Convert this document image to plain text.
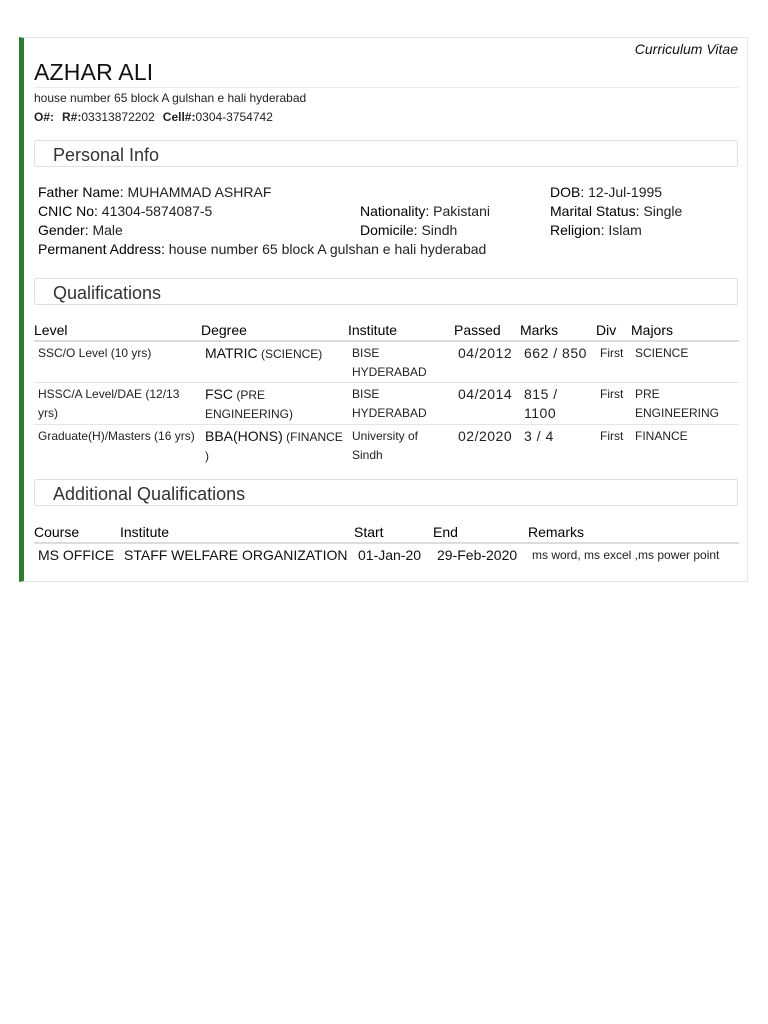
Curriculum Vitae
AZHAR ALI
house number 65 block A gulshan e hali hyderabad
O#: R#:03313872202 Cell#:0304-3754742
Personal Info
Father Name: MUHAMMAD ASHRAF	DOB: 12-Jul-1995
CNIC No: 41304-5874087-5	Nationality: Pakistani	Marital Status: Single
Gender: Male	Domicile: Sindh	Religion: Islam
Permanent Address: house number 65 block A gulshan e hali hyderabad
Qualifications
Level	Degree	Institute	Passed	Marks	Div	Majors
SSC/O Level (10 yrs)	MATRIC (SCIENCE)	BISE HYDERABAD	04/2012	662 / 850	First	SCIENCE
HSSC/A Level/DAE (12/13 yrs)	FSC (PRE ENGINEERING)	BISE HYDERABAD	04/2014	815 / 1100	First	PRE ENGINEERING
Graduate(H)/Masters (16 yrs)	BBA(HONS) (FINANCE )	University of Sindh	02/2020	3 / 4	First	FINANCE
Additional Qualifications
Course	Institute	Start	End	Remarks
MS OFFICE	STAFF WELFARE ORGANIZATION	01-Jan-20	29-Feb-2020	ms word, ms excel ,ms power point
